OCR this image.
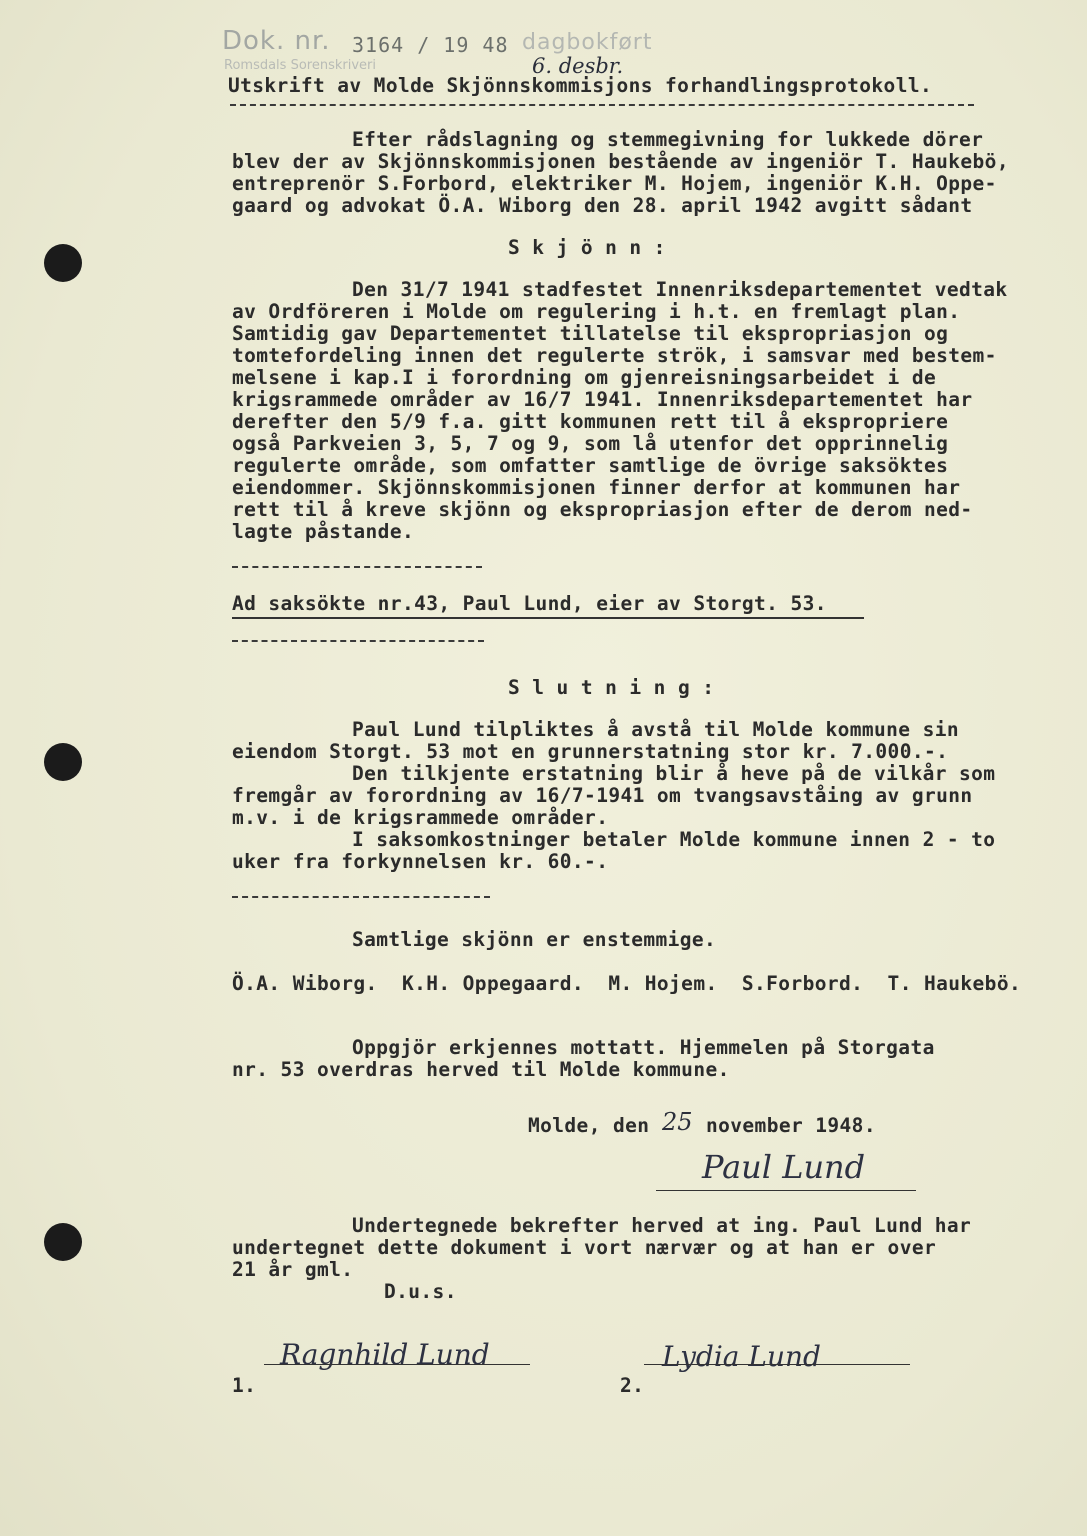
Dok. nr. 3164 / 19 48 dagbokført
Romsdals Sorenskriveri	6. desbr.
Utskrift av Molde Skjönnskommisjons forhandlingsprotokoll.
Efter rådslagning og stemmegivning for lukkede dörer
blev der av Skjönnskommisjonen bestående av ingeniör T. Haukebö,
entreprenör S.Forbord, elektriker M. Hojem, ingeniör K.H. Oppe-
gaard og advokat Ö.A. Wiborg den 28. april 1942 avgitt sådant
S k j ö n n :
Den 31/7 1941 stadfestet Innenriksdepartementet vedtak
av Ordföreren i Molde om regulering i h.t. en fremlagt plan.
Samtidig gav Departementet tillatelse til ekspropriasjon og
tomtefordeling innen det regulerte strök, i samsvar med bestem-
melsene i kap.I i forordning om gjenreisningsarbeidet i de
krigsrammede områder av 16/7 1941. Innenriksdepartementet har
derefter den 5/9 f.a. gitt kommunen rett til å ekspropriere
også Parkveien 3, 5, 7 og 9, som lå utenfor det opprinnelig
regulerte område, som omfatter samtlige de övrige saksöktes
eiendommer. Skjönnskommisjonen finner derfor at kommunen har
rett til å kreve skjönn og ekspropriasjon efter de derom ned-
lagte påstande.
Ad saksökte nr.43, Paul Lund, eier av Storgt. 53.
S l u t n i n g :
Paul Lund tilpliktes å avstå til Molde kommune sin
eiendom Storgt. 53 mot en grunnerstatning stor kr. 7.000.-.
Den tilkjente erstatning blir å heve på de vilkår som
fremgår av forordning av 16/7-1941 om tvangsavståing av grunn
m.v. i de krigsrammede områder.
I saksomkostninger betaler Molde kommune innen 2 - to
uker fra forkynnelsen kr. 60.-.
Samtlige skjönn er enstemmige.
Ö.A. Wiborg.  K.H. Oppegaard.  M. Hojem.  S.Forbord.  T. Haukebö.
Oppgjör erkjennes mottatt. Hjemmelen på Storgata
nr. 53 overdras herved til Molde kommune.
Molde, den 25 november 1948.
Paul Lund
Undertegnede bekrefter herved at ing. Paul Lund har
undertegnet dette dokument i vort nærvær og at han er over
21 år gml.
D.u.s.
1.
Ragnhild Lund
2.
Lydia Lund
